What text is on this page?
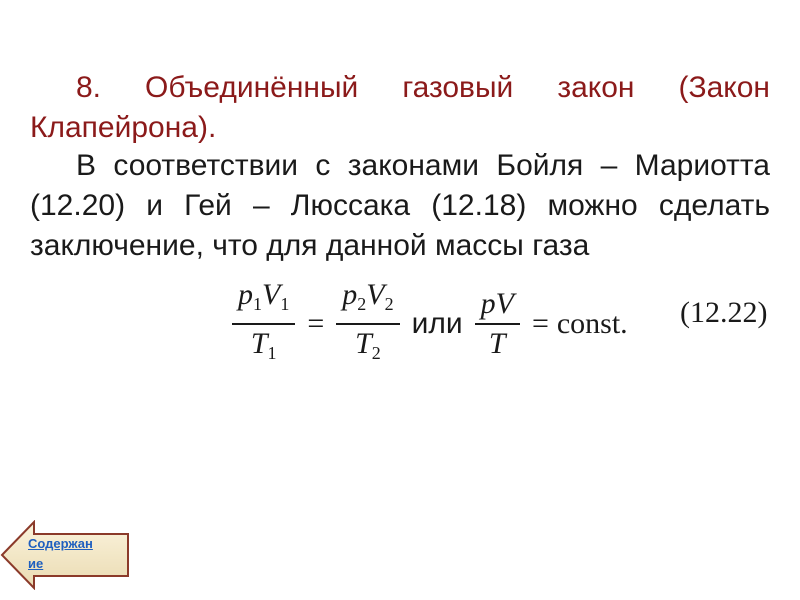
8. Объединённый газовый закон (Закон
Клапейрона).
В соответствии с законами Бойля – Мариотта
(12.20) и Гей – Люссака (12.18) можно сделать
заключение, что для данной массы газа
$\frac{p_1V_1}{T_1} = \frac{p_2V_2}{T_2}$ или $\frac{pV}{T}$ = const. (12.22)
Содержан
ие
